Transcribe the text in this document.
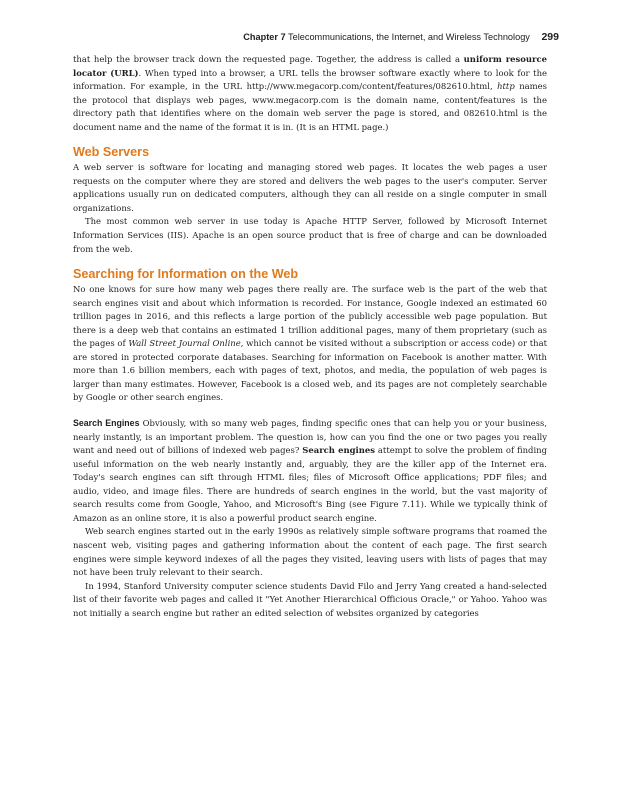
Chapter 7 Telecommunications, the Internet, and Wireless Technology 299

that help the browser track down the requested page. Together, the address is called a uniform resource locator (URL). When typed into a browser, a URL tells the browser software exactly where to look for the information. For example, in the URL http://www.megacorp.com/content/features/082610.html, http names the protocol that displays web pages, www.megacorp.com is the domain name, content/features is the directory path that identifies where on the domain web server the page is stored, and 082610.html is the document name and the name of the format it is in. (It is an HTML page.)

Web Servers

A web server is software for locating and managing stored web pages. It locates the web pages a user requests on the computer where they are stored and delivers the web pages to the user's computer. Server applications usually run on dedicated computers, although they can all reside on a single computer in small organizations.

The most common web server in use today is Apache HTTP Server, followed by Microsoft Internet Information Services (IIS). Apache is an open source product that is free of charge and can be downloaded from the web.

Searching for Information on the Web

No one knows for sure how many web pages there really are. The surface web is the part of the web that search engines visit and about which information is recorded. For instance, Google indexed an estimated 60 trillion pages in 2016, and this reflects a large portion of the publicly accessible web page population. But there is a deep web that contains an estimated 1 trillion additional pages, many of them proprietary (such as the pages of Wall Street Journal Online, which cannot be visited without a subscription or access code) or that are stored in protected corporate databases. Searching for information on Facebook is another matter. With more than 1.6 billion members, each with pages of text, photos, and media, the population of web pages is larger than many estimates. However, Facebook is a closed web, and its pages are not completely searchable by Google or other search engines.

Search Engines Obviously, with so many web pages, finding specific ones that can help you or your business, nearly instantly, is an important problem. The question is, how can you find the one or two pages you really want and need out of billions of indexed web pages? Search engines attempt to solve the problem of finding useful information on the web nearly instantly and, arguably, they are the killer app of the Internet era. Today's search engines can sift through HTML files; files of Microsoft Office applications; PDF files; and audio, video, and image files. There are hundreds of search engines in the world, but the vast majority of search results come from Google, Yahoo, and Microsoft's Bing (see Figure 7.11). While we typically think of Amazon as an online store, it is also a powerful product search engine.

Web search engines started out in the early 1990s as relatively simple software programs that roamed the nascent web, visiting pages and gathering information about the content of each page. The first search engines were simple keyword indexes of all the pages they visited, leaving users with lists of pages that may not have been truly relevant to their search.

In 1994, Stanford University computer science students David Filo and Jerry Yang created a hand-selected list of their favorite web pages and called it "Yet Another Hierarchical Officious Oracle," or Yahoo. Yahoo was not initially a search engine but rather an edited selection of websites organized by categories
